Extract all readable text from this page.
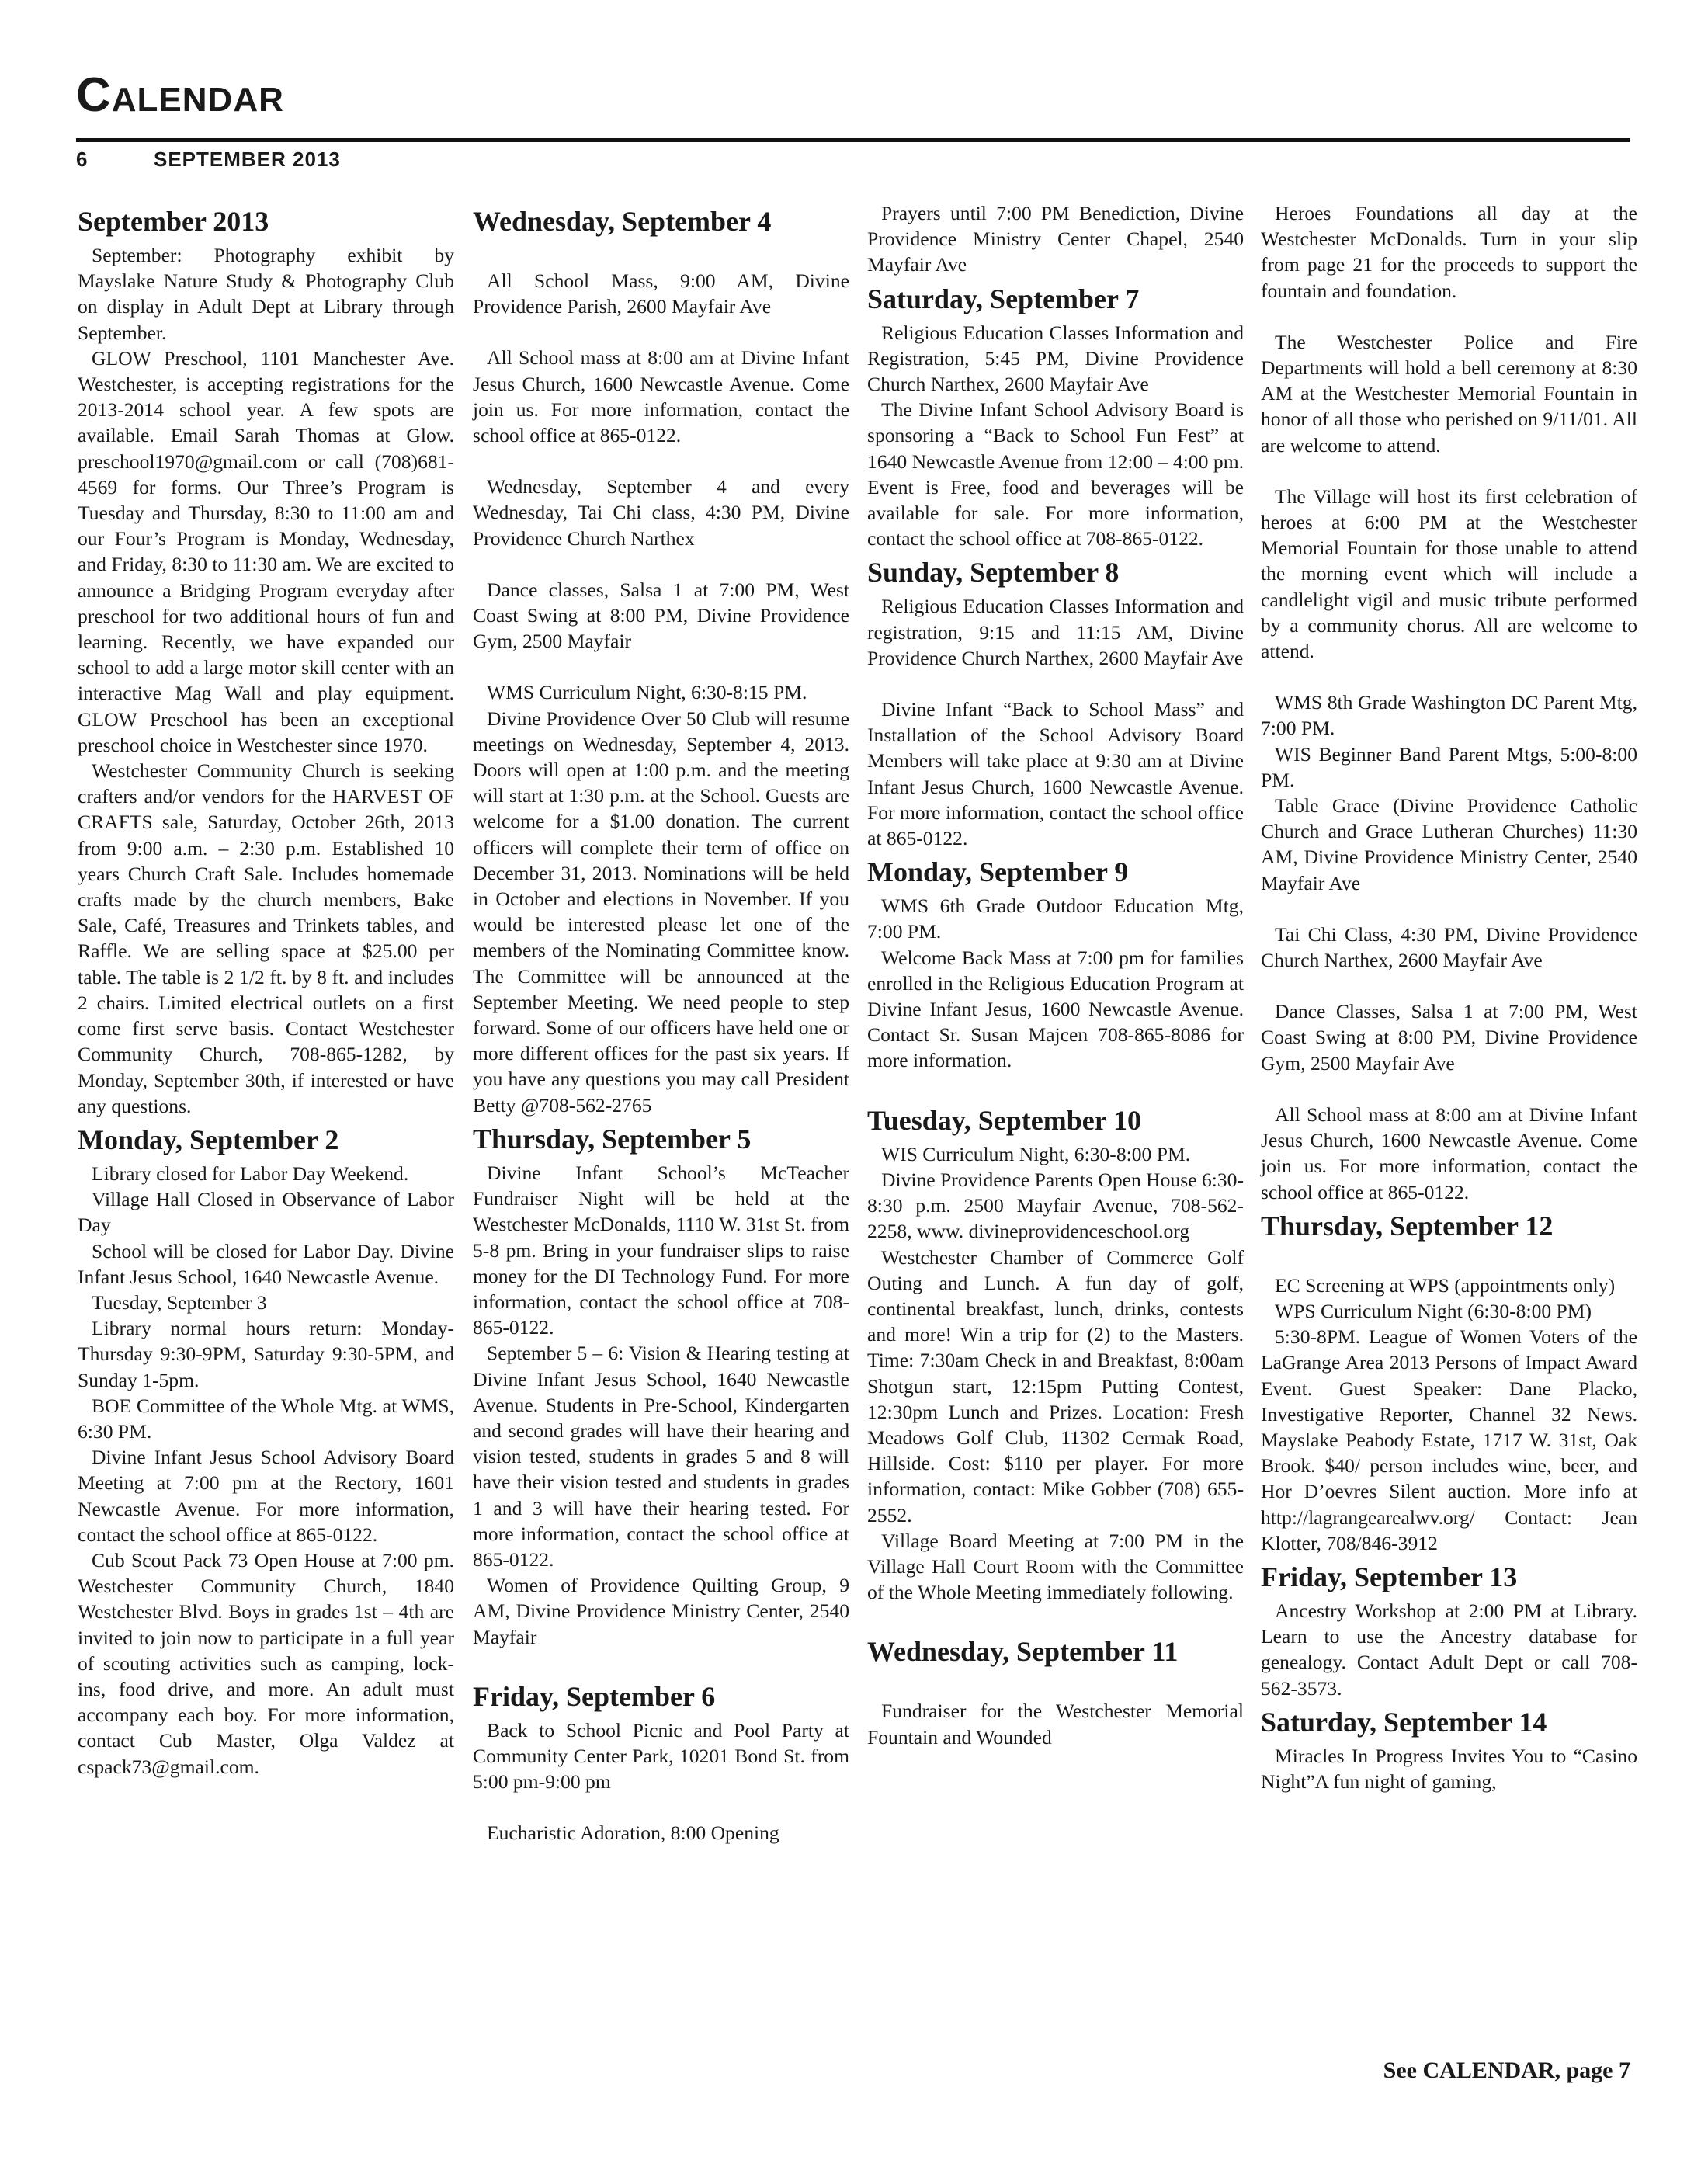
CALENDAR
6	SEPTEMBER 2013
September 2013

September: Photography exhibit by Mayslake Nature Study & Photography Club on display in Adult Dept at Library through September.

GLOW Preschool, 1101 Manchester Ave. Westchester, is accepting registrations for the 2013-2014 school year. A few spots are available. Email Sarah Thomas at Glow. preschool1970@gmail.com or call (708)681-4569 for forms. Our Three’s Program is Tuesday and Thursday, 8:30 to 11:00 am and our Four’s Program is Monday, Wednesday, and Friday, 8:30 to 11:30 am. We are excited to announce a Bridging Program everyday after preschool for two additional hours of fun and learning. Recently, we have expanded our school to add a large motor skill center with an interactive Mag Wall and play equipment. GLOW Preschool has been an exceptional preschool choice in Westchester since 1970.

Westchester Community Church is seeking crafters and/or vendors for the HARVEST OF CRAFTS sale, Saturday, October 26th, 2013 from 9:00 a.m. – 2:30 p.m. Established 10 years Church Craft Sale. Includes homemade crafts made by the church members, Bake Sale, Café, Treasures and Trinkets tables, and Raffle. We are selling space at $25.00 per table. The table is 2 1/2 ft. by 8 ft. and includes 2 chairs. Limited electrical outlets on a first come first serve basis. Contact Westchester Community Church, 708-865-1282, by Monday, September 30th, if interested or have any questions.

Monday, September 2

Library closed for Labor Day Weekend.

Village Hall Closed in Observance of Labor Day

School will be closed for Labor Day. Divine Infant Jesus School, 1640 Newcastle Avenue.

Tuesday, September 3

Library normal hours return: Monday-Thursday 9:30-9PM, Saturday 9:30-5PM, and Sunday 1-5pm.

BOE Committee of the Whole Mtg. at WMS, 6:30 PM.

Divine Infant Jesus School Advisory Board Meeting at 7:00 pm at the Rectory, 1601 Newcastle Avenue. For more information, contact the school office at 865-0122.

Cub Scout Pack 73 Open House at 7:00 pm. Westchester Community Church, 1840 Westchester Blvd. Boys in grades 1st – 4th are invited to join now to participate in a full year of scouting activities such as camping, lock-ins, food drive, and more. An adult must accompany each boy. For more information, contact Cub Master, Olga Valdez at cspack73@gmail.com.

Wednesday, September 4

All School Mass, 9:00 AM, Divine Providence Parish, 2600 Mayfair Ave

All School mass at 8:00 am at Divine Infant Jesus Church, 1600 Newcastle Avenue. Come join us. For more information, contact the school office at 865-0122.

Wednesday, September 4 and every Wednesday, Tai Chi class, 4:30 PM, Divine Providence Church Narthex

Dance classes, Salsa 1 at 7:00 PM, West Coast Swing at 8:00 PM, Divine Providence Gym, 2500 Mayfair

WMS Curriculum Night, 6:30-8:15 PM.

Divine Providence Over 50 Club will resume meetings on Wednesday, September 4, 2013. Doors will open at 1:00 p.m. and the meeting will start at 1:30 p.m. at the School. Guests are welcome for a $1.00 donation. The current officers will complete their term of office on December 31, 2013. Nominations will be held in October and elections in November. If you would be interested please let one of the members of the Nominating Committee know. The Committee will be announced at the September Meeting. We need people to step forward. Some of our officers have held one or more different offices for the past six years. If you have any questions you may call President Betty @708-562-2765

Thursday, September 5

Divine Infant School’s McTeacher Fundraiser Night will be held at the Westchester McDonalds, 1110 W. 31st St. from 5-8 pm. Bring in your fundraiser slips to raise money for the DI Technology Fund. For more information, contact the school office at 708-865-0122.

September 5 – 6: Vision & Hearing testing at Divine Infant Jesus School, 1640 Newcastle Avenue. Students in Pre-School, Kindergarten and second grades will have their hearing and vision tested, students in grades 5 and 8 will have their vision tested and students in grades 1 and 3 will have their hearing tested. For more information, contact the school office at 865-0122.

Women of Providence Quilting Group, 9 AM, Divine Providence Ministry Center, 2540 Mayfair

Friday, September 6

Back to School Picnic and Pool Party at Community Center Park, 10201 Bond St. from 5:00 pm-9:00 pm

Eucharistic Adoration, 8:00 Opening

Prayers until 7:00 PM Benediction, Divine Providence Ministry Center Chapel, 2540 Mayfair Ave

Saturday, September 7

Religious Education Classes Information and Registration, 5:45 PM, Divine Providence Church Narthex, 2600 Mayfair Ave

The Divine Infant School Advisory Board is sponsoring a “Back to School Fun Fest” at 1640 Newcastle Avenue from 12:00 – 4:00 pm. Event is Free, food and beverages will be available for sale. For more information, contact the school office at 708-865-0122.

Sunday, September 8

Religious Education Classes Information and registration, 9:15 and 11:15 AM, Divine Providence Church Narthex, 2600 Mayfair Ave

Divine Infant “Back to School Mass” and Installation of the School Advisory Board Members will take place at 9:30 am at Divine Infant Jesus Church, 1600 Newcastle Avenue. For more information, contact the school office at 865-0122.

Monday, September 9

WMS 6th Grade Outdoor Education Mtg, 7:00 PM.

Welcome Back Mass at 7:00 pm for families enrolled in the Religious Education Program at Divine Infant Jesus, 1600 Newcastle Avenue. Contact Sr. Susan Majcen 708-865-8086 for more information.

Tuesday, September 10

WIS Curriculum Night, 6:30-8:00 PM.

Divine Providence Parents Open House 6:30-8:30 p.m. 2500 Mayfair Avenue, 708-562-2258, www. divineprovidenceschool.org

Westchester Chamber of Commerce Golf Outing and Lunch. A fun day of golf, continental breakfast, lunch, drinks, contests and more! Win a trip for (2) to the Masters. Time: 7:30am Check in and Breakfast, 8:00am Shotgun start, 12:15pm Putting Contest, 12:30pm Lunch and Prizes. Location: Fresh Meadows Golf Club, 11302 Cermak Road, Hillside. Cost: $110 per player. For more information, contact: Mike Gobber (708) 655-2552.

Village Board Meeting at 7:00 PM in the Village Hall Court Room with the Committee of the Whole Meeting immediately following.

Wednesday, September 11

Fundraiser for the Westchester Memorial Fountain and Wounded

Heroes Foundations all day at the Westchester McDonalds. Turn in your slip from page 21 for the proceeds to support the fountain and foundation.

The Westchester Police and Fire Departments will hold a bell ceremony at 8:30 AM at the Westchester Memorial Fountain in honor of all those who perished on 9/11/01. All are welcome to attend.

The Village will host its first celebration of heroes at 6:00 PM at the Westchester Memorial Fountain for those unable to attend the morning event which will include a candlelight vigil and music tribute performed by a community chorus. All are welcome to attend.

WMS 8th Grade Washington DC Parent Mtg, 7:00 PM.

WIS Beginner Band Parent Mtgs, 5:00-8:00 PM.

Table Grace (Divine Providence Catholic Church and Grace Lutheran Churches) 11:30 AM, Divine Providence Ministry Center, 2540 Mayfair Ave

Tai Chi Class, 4:30 PM, Divine Providence Church Narthex, 2600 Mayfair Ave

Dance Classes, Salsa 1 at 7:00 PM, West Coast Swing at 8:00 PM, Divine Providence Gym, 2500 Mayfair Ave

All School mass at 8:00 am at Divine Infant Jesus Church, 1600 Newcastle Avenue. Come join us. For more information, contact the school office at 865-0122.

Thursday, September 12

EC Screening at WPS (appointments only)

WPS Curriculum Night (6:30-8:00 PM)

5:30-8PM. League of Women Voters of the LaGrange Area 2013 Persons of Impact Award Event. Guest Speaker: Dane Placko, Investigative Reporter, Channel 32 News. Mayslake Peabody Estate, 1717 W. 31st, Oak Brook. $40/ person includes wine, beer, and Hor D’oevres Silent auction. More info at http://lagrangearealwv.org/ Contact: Jean Klotter, 708/846-3912

Friday, September 13

Ancestry Workshop at 2:00 PM at Library. Learn to use the Ancestry database for genealogy. Contact Adult Dept or call 708-562-3573.

Saturday, September 14

Miracles In Progress Invites You to “Casino Night”A fun night of gaming,

See CALENDAR, page 7
